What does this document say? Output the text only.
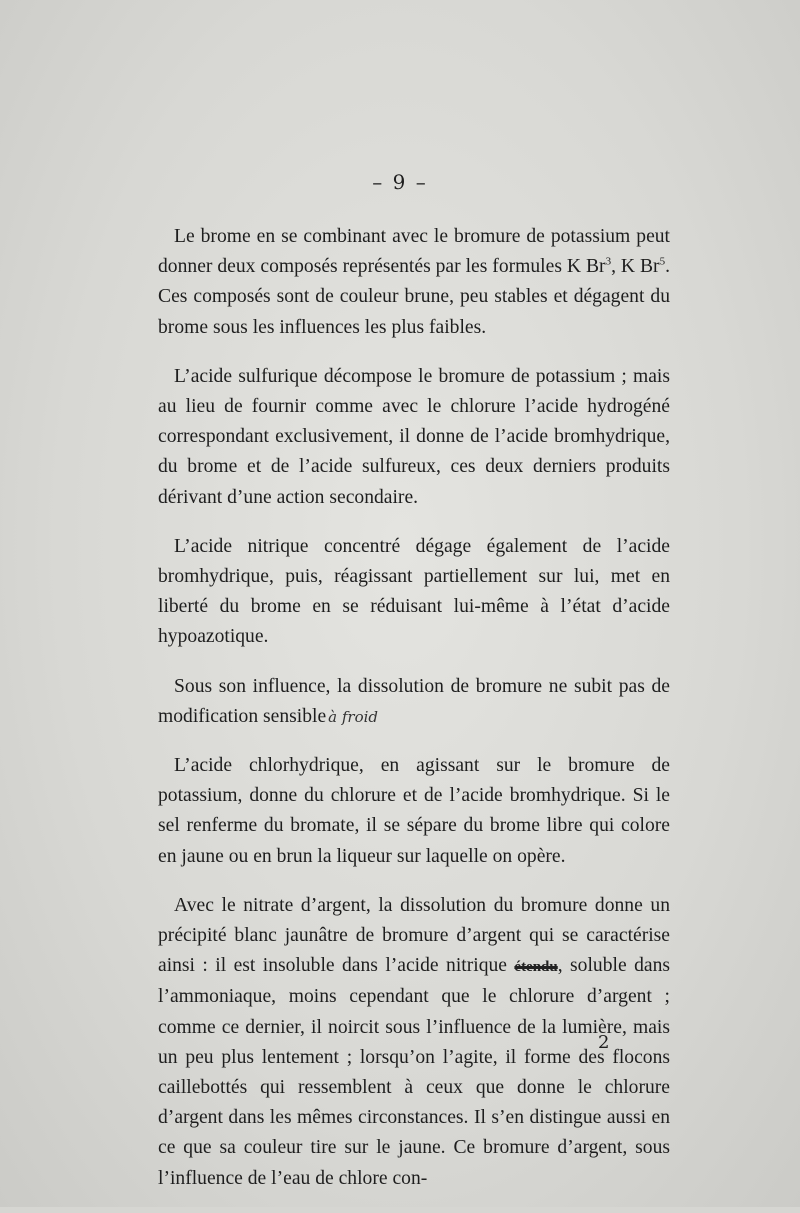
– 9 –

Le brome en se combinant avec le bromure de potassium peut donner deux composés représentés par les formules K Br$^3$, K Br$^5$. Ces composés sont de couleur brune, peu stables et dégagent du brome sous les influences les plus faibles.

L’acide sulfurique décompose le bromure de potassium ; mais au lieu de fournir comme avec le chlorure l’acide hydrogéné correspondant exclusivement, il donne de l’acide bromhydrique, du brome et de l’acide sulfureux, ces deux derniers produits dérivant d’une action secondaire.

L’acide nitrique concentré dégage également de l’acide bromhydrique, puis, réagissant partiellement sur lui, met en liberté du brome en se réduisant lui-même à l’état d’acide hypoazotique.

Sous son influence, la dissolution de bromure ne subit pas de modification sensible à froid

L’acide chlorhydrique, en agissant sur le bromure de potassium, donne du chlorure et de l’acide bromhydrique. Si le sel renferme du bromate, il se sépare du brome libre qui colore en jaune ou en brun la liqueur sur laquelle on opère.

Avec le nitrate d’argent, la dissolution du bromure donne un précipité blanc jaunâtre de bromure d’argent qui se caractérise ainsi : il est insoluble dans l’acide nitrique étendu, soluble dans l’ammoniaque, moins cependant que le chlorure d’argent ; comme ce dernier, il noircit sous l’influence de la lumière, mais un peu plus lentement ; lorsqu’on l’agite, il forme des flocons caillebottés qui ressemblent à ceux que donne le chlorure d’argent dans les mêmes circonstances. Il s’en distingue aussi en ce que sa couleur tire sur le jaune. Ce bromure d’argent, sous l’influence de l’eau de chlore con-

2
